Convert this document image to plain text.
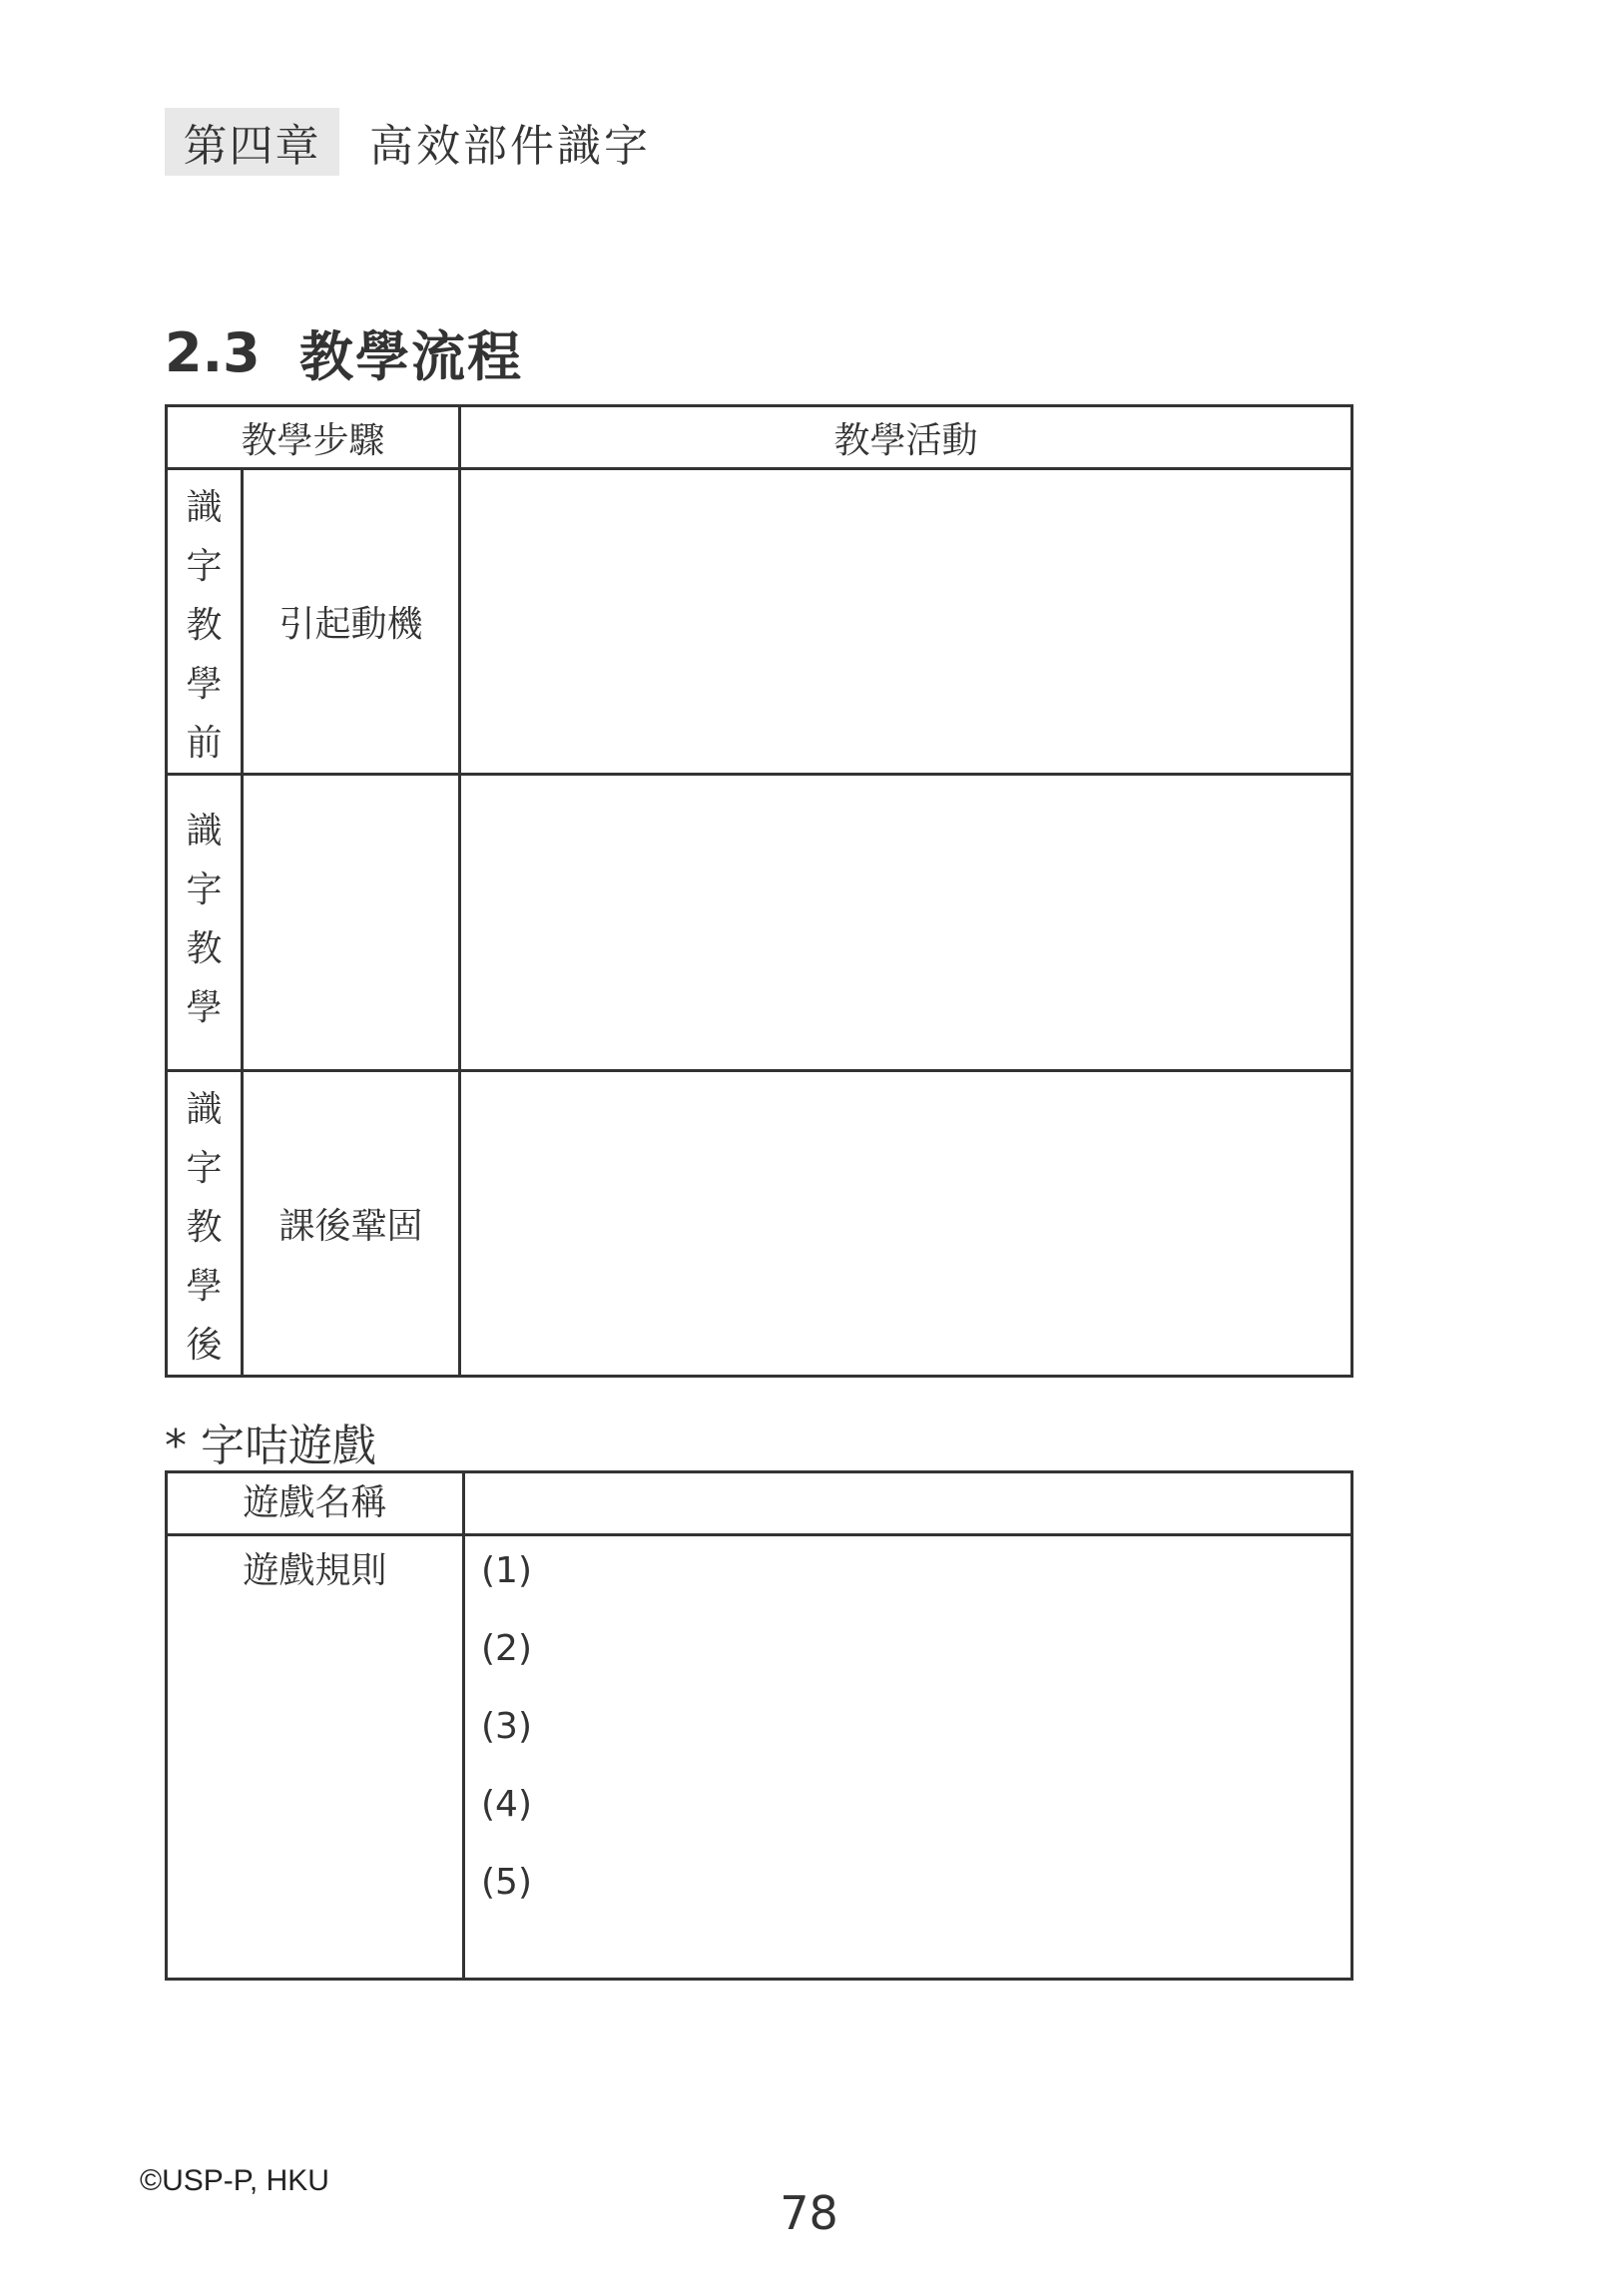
第四章	高效部件識字
2.3 教學流程
教學步驟		教學活動

識
字
教
學
前	引起動機	

識
字
教
學		

識
字
教
學
後	課後鞏固	
* 字咭遊戲
遊戲名稱	
遊戲規則	(1)
(2)
(3)
(4)
(5)
©USP-P, HKU
78
